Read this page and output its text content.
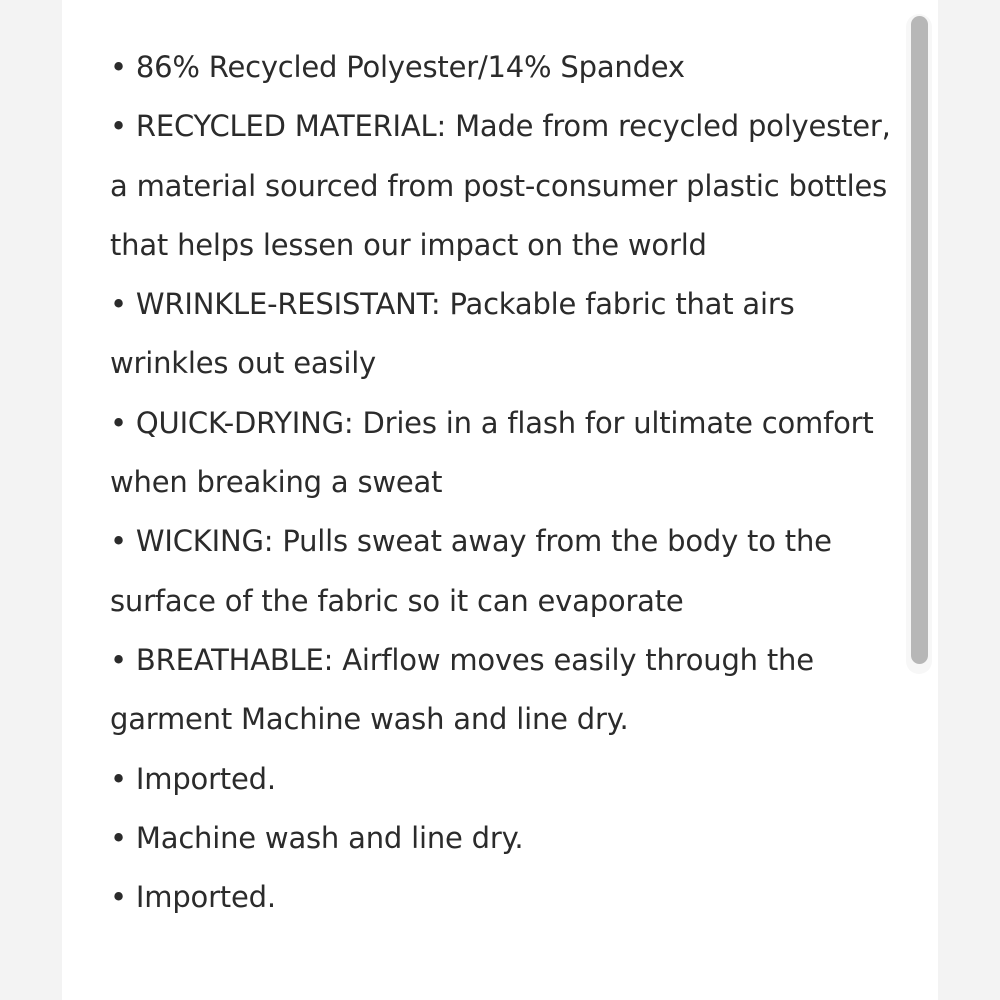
• 86% Recycled Polyester/14% Spandex
• RECYCLED MATERIAL: Made from recycled polyester, a material sourced from post-consumer plastic bottles that helps lessen our impact on the world
• WRINKLE-RESISTANT: Packable fabric that airs wrinkles out easily
• QUICK-DRYING: Dries in a flash for ultimate comfort when breaking a sweat
• WICKING: Pulls sweat away from the body to the surface of the fabric so it can evaporate
• BREATHABLE: Airflow moves easily through the garment Machine wash and line dry.
• Imported.
• Machine wash and line dry.
• Imported.
